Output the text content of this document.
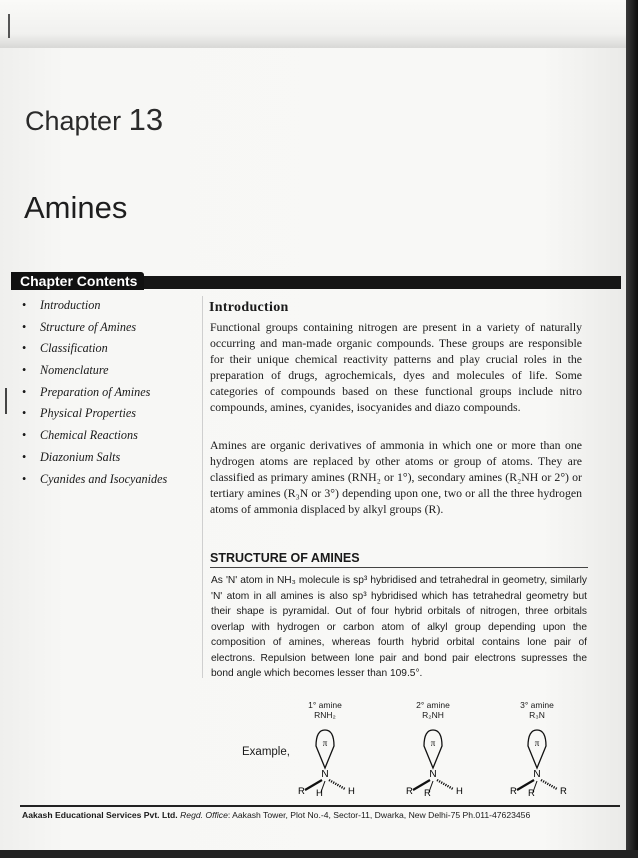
Chapter 13
Amines
Chapter Contents
• Introduction
• Structure of Amines
• Classification
• Nomenclature
• Preparation of Amines
• Physical Properties
• Chemical Reactions
• Diazonium Salts
• Cyanides and Isocyanides
Introduction
Functional groups containing nitrogen are present in a variety of naturally occurring and man-made organic compounds. These groups are responsible for their unique chemical reactivity patterns and play crucial roles in the preparation of drugs, agrochemicals, dyes and molecules of life. Some categories of compounds based on these functional groups include nitro compounds, amines, cyanides, isocyanides and diazo compounds.
Amines are organic derivatives of ammonia in which one or more than one hydrogen atoms are replaced by other atoms or group of atoms. They are classified as primary amines (RNH₂ or 1°), secondary amines (R₂NH or 2°) or tertiary amines (R₃N or 3°) depending upon one, two or all the three hydrogen atoms of ammonia displaced by alkyl groups (R).
STRUCTURE OF AMINES
As 'N' atom in NH₃ molecule is sp³ hybridised and tetrahedral in geometry, similarly 'N' atom in all amines is also sp³ hybridised which has tetrahedral geometry but their shape is pyramidal. Out of four hybrid orbitals of nitrogen, three orbitals overlap with hydrogen or carbon atom of alkyl group depending upon the composition of amines, whereas fourth hybrid orbital contains lone pair of electrons. Repulsion between lone pair and bond pair electrons supresses the bond angle which becomes lesser than 109.5°.
Example,
1° amine
RNH₂
π
N
R H	H
2° amine
R₂NH
π
N
R R	H
3° amine
R₃N
π
N
R R	R
Aakash Educational Services Pvt. Ltd. Regd. Office: Aakash Tower, Plot No.-4, Sector-11, Dwarka, New Delhi-75 Ph.011-47623456
